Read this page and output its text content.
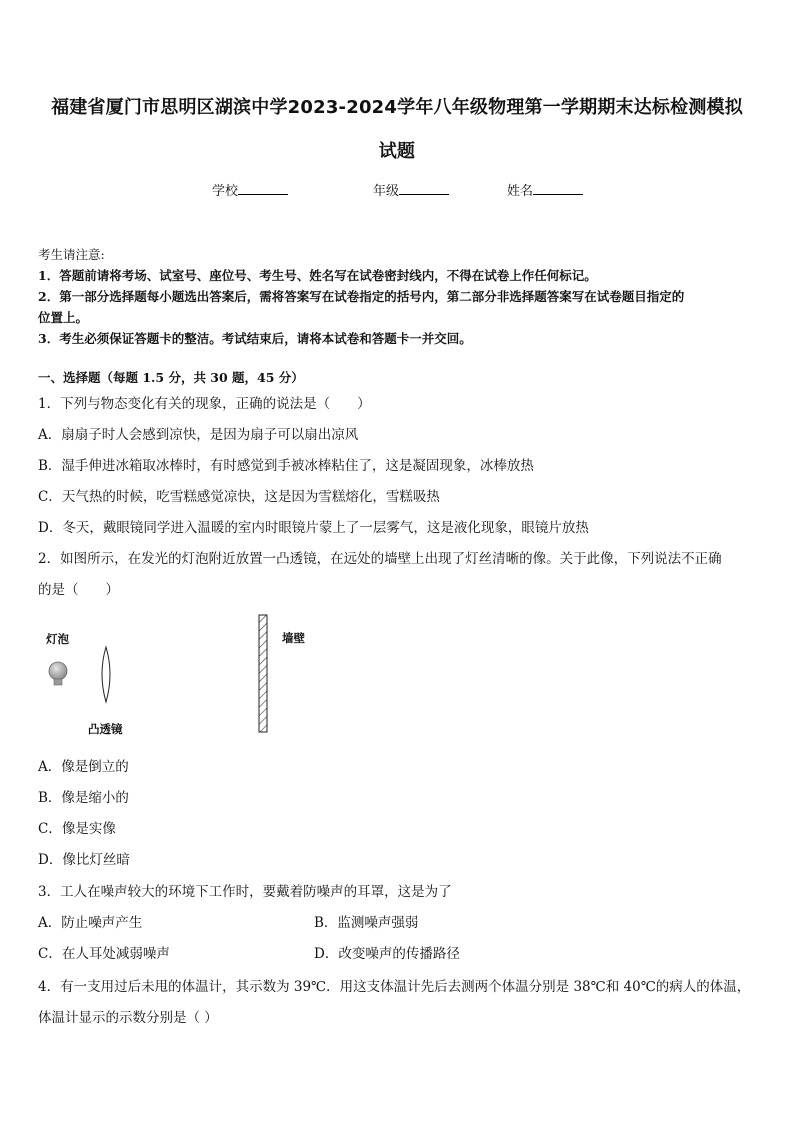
福建省厦门市思明区湖滨中学2023-2024学年八年级物理第一学期期末达标检测模拟
试题
学校	年级	姓名
考生请注意:
1．答题前请将考场、试室号、座位号、考生号、姓名写在试卷密封线内，不得在试卷上作任何标记。
2．第一部分选择题每小题选出答案后，需将答案写在试卷指定的括号内，第二部分非选择题答案写在试卷题目指定的
位置上。
3．考生必须保证答题卡的整洁。考试结束后，请将本试卷和答题卡一并交回。
一、选择题（每题 1.5 分，共 30 题，45 分）
1．下列与物态变化有关的现象，正确的说法是（　　）
A．扇扇子时人会感到凉快，是因为扇子可以扇出凉风
B．湿手伸进冰箱取冰棒时，有时感觉到手被冰棒粘住了，这是凝固现象，冰棒放热
C．天气热的时候，吃雪糕感觉凉快，这是因为雪糕熔化，雪糕吸热
D．冬天，戴眼镜同学进入温暖的室内时眼镜片蒙上了一层雾气，这是液化现象，眼镜片放热
2．如图所示，在发光的灯泡附近放置一凸透镜，在远处的墙壁上出现了灯丝清晰的像。关于此像，下列说法不正确
的是（　　）
灯泡
凸透镜
墙壁
A．像是倒立的
B．像是缩小的
C．像是实像
D．像比灯丝暗
3．工人在噪声较大的环境下工作时，要戴着防噪声的耳罩，这是为了
A．防止噪声产生	B．监测噪声强弱
C．在人耳处减弱噪声	D．改变噪声的传播路径
4．有一支用过后未甩的体温计，其示数为 39℃．用这支体温计先后去测两个体温分别是 38℃和 40℃的病人的体温，
体温计显示的示数分别是（ ）
